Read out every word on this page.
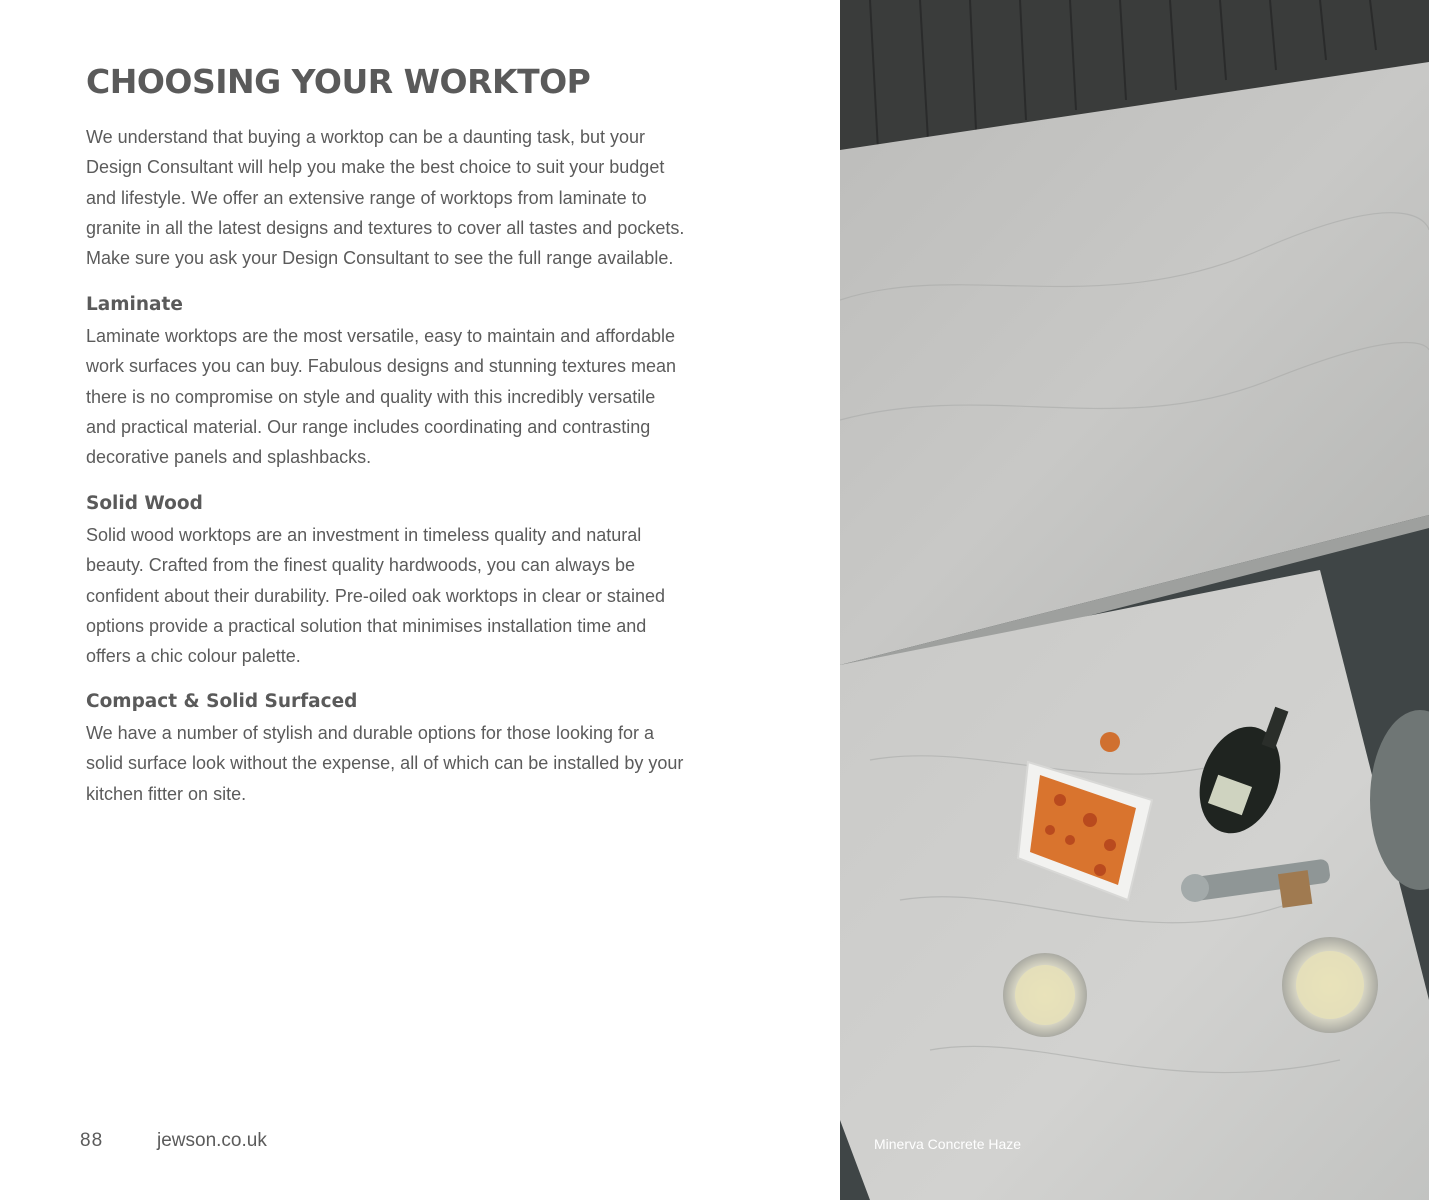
CHOOSING YOUR WORKTOP

We understand that buying a worktop can be a daunting task, but your Design Consultant will help you make the best choice to suit your budget and lifestyle. We offer an extensive range of worktops from laminate to granite in all the latest designs and textures to cover all tastes and pockets. Make sure you ask your Design Consultant to see the full range available.

Laminate

Laminate worktops are the most versatile, easy to maintain and affordable work surfaces you can buy. Fabulous designs and stunning textures mean there is no compromise on style and quality with this incredibly versatile and practical material. Our range includes coordinating and contrasting decorative panels and splashbacks.

Solid Wood

Solid wood worktops are an investment in timeless quality and natural beauty. Crafted from the finest quality hardwoods, you can always be confident about their durability. Pre-oiled oak worktops in clear or stained options provide a practical solution that minimises installation time and offers a chic colour palette.

Compact & Solid Surfaced

We have a number of stylish and durable options for those looking for a solid surface look without the expense, all of which can be installed by your kitchen fitter on site.

88	jewson.co.uk	Minerva Concrete Haze
